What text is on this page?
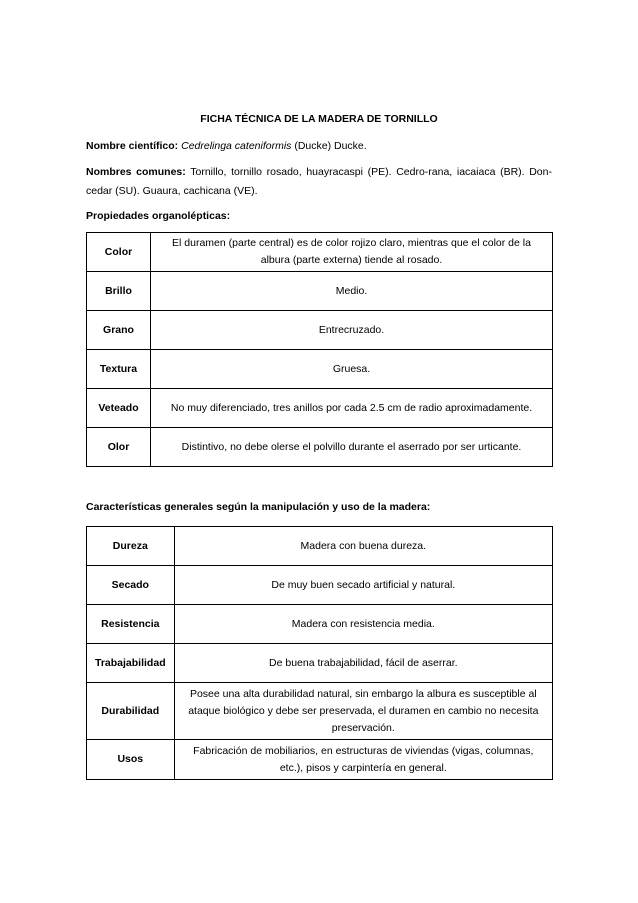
FICHA TÉCNICA DE LA MADERA DE TORNILLO
Nombre científico: Cedrelinga cateniformis (Ducke) Ducke.
Nombres comunes: Tornillo, tornillo rosado, huayracaspi (PE). Cedro-rana, iacaiaca (BR). Don-cedar (SU). Guaura, cachicana (VE).
Propiedades organolépticas:
Color	El duramen (parte central) es de color rojizo claro, mientras que el color de la albura (parte externa) tiende al rosado.
Brillo	Medio.
Grano	Entrecruzado.
Textura	Gruesa.
Veteado	No muy diferenciado, tres anillos por cada 2.5 cm de radio aproximadamente.
Olor	Distintivo, no debe olerse el polvillo durante el aserrado por ser urticante.
Características generales según la manipulación y uso de la madera:
Dureza	Madera con buena dureza.
Secado	De muy buen secado artificial y natural.
Resistencia	Madera con resistencia media.
Trabajabilidad	De buena trabajabilidad, fácil de aserrar.
Durabilidad	Posee una alta durabilidad natural, sin embargo la albura es susceptible al ataque biológico y debe ser preservada, el duramen en cambio no necesita preservación.
Usos	Fabricación de mobiliarios, en estructuras de viviendas (vigas, columnas, etc.), pisos y carpintería en general.
